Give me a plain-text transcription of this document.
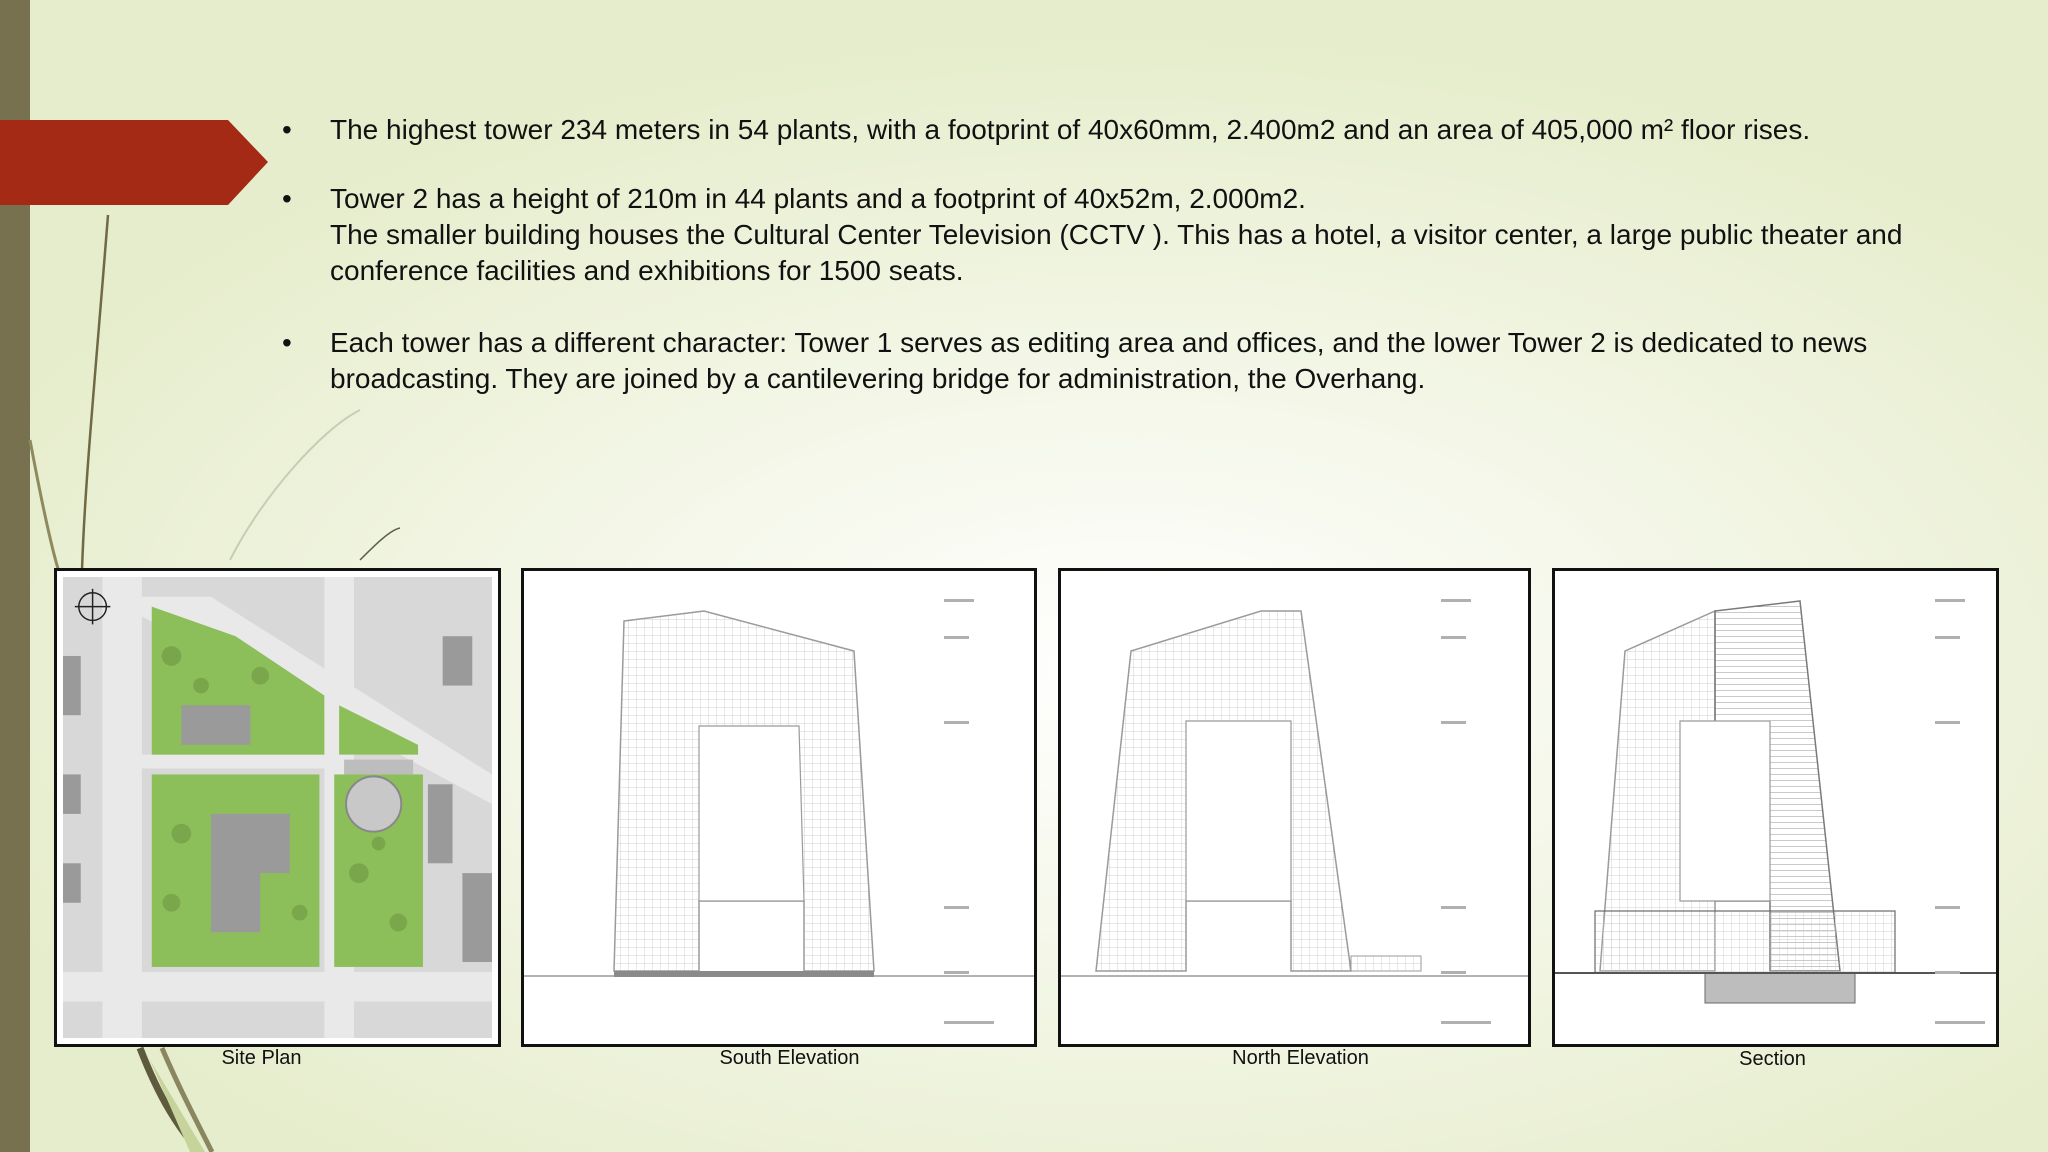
• The highest tower 234 meters in 54 plants, with a footprint of 40x60mm, 2.400m2 and an area of 405,000 m² floor rises.

• Tower 2 has a height of 210m in 44 plants and a footprint of 40x52m, 2.000m2.

The smaller building houses the Cultural Center Television (CCTV ). This has a hotel, a visitor center, a large public theater and conference facilities and exhibitions for 1500 seats.

• Each tower has a different character: Tower 1 serves as editing area and offices, and the lower Tower 2 is dedicated to news broadcasting. They are joined by a cantilevering bridge for administration, the Overhang.

Site Plan	South Elevation	North Elevation	Section
